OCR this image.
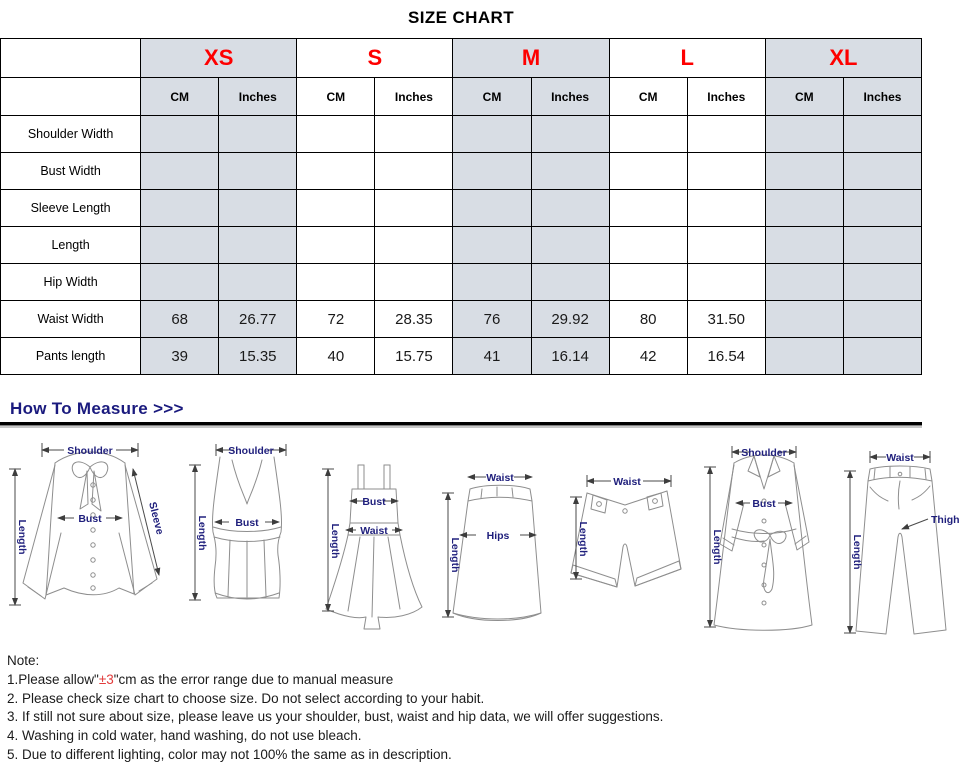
SIZE CHART
	XS		S		M		L		XL	
	CM	Inches	CM	Inches	CM	Inches	CM	Inches	CM	Inches
Shoulder Width										
Bust Width										
Sleeve Length										
Length										
Hip Width										
Waist Width	68	26.77	72	28.35	76	29.92	80	31.50		
Pants length	39	15.35	40	15.75	41	16.14	42	16.54		
How To Measure >>>
Shoulder
Bust
Length
Sleeve
Shoulder
Bust
Length
Bust
Waist
Length
Waist
Hips
Length
Waist
Length
Shoulder
Bust
Length
Waist
Thigh
Length
Note:
1.Please allow"±3"cm as the error range due to manual measure
2. Please check size chart to choose size. Do not select according to your habit.
3. If still not sure about size, please leave us your shoulder, bust, waist and hip data, we will offer suggestions.
4. Washing in cold water, hand washing, do not use bleach.
5. Due to different lighting, color may not 100% the same as in description.
